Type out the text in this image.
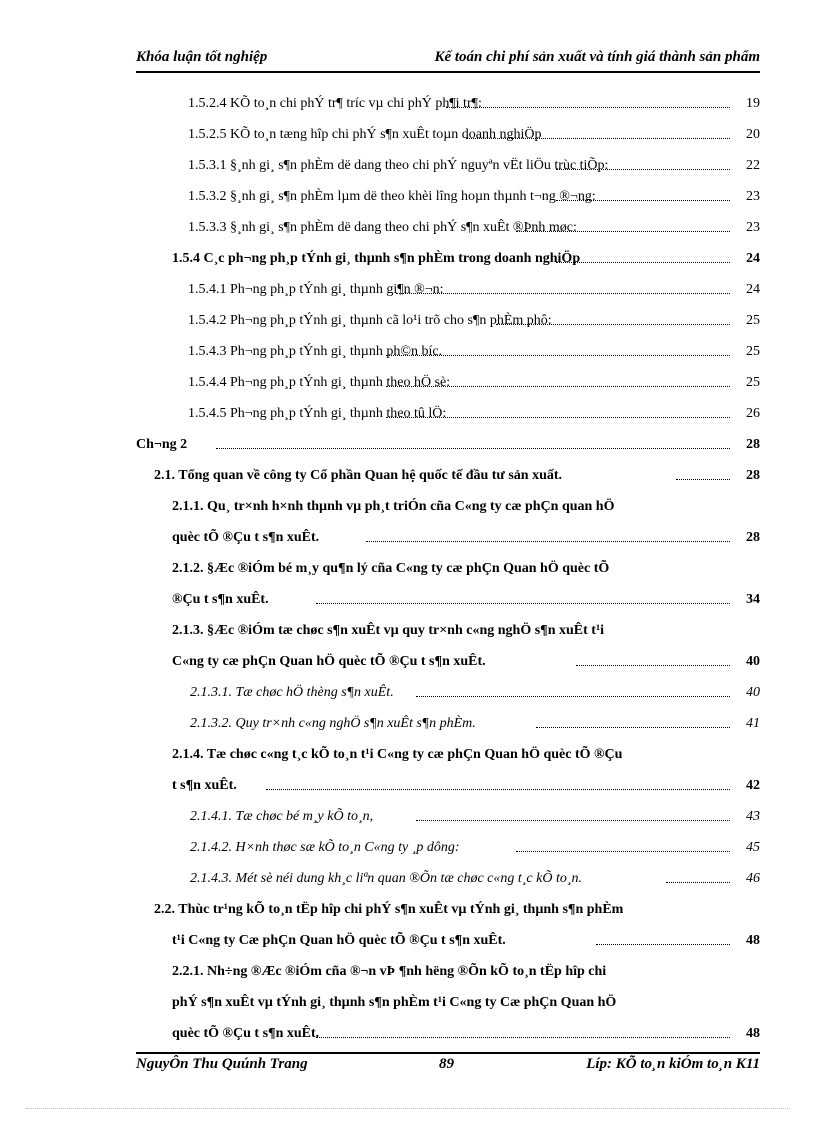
Khóa luận tốt nghiệp	Kế toán chi phí sản xuất và tính giá thành sản phẩm
1.5.2.4 KÕ to¸n chi phÝ tr¶ tríc vµ chi phÝ ph¶i tr¶:	19
1.5.2.5 KÕ to¸n tæng hîp chi phÝ s¶n xuÊt toµn doanh nghiÖp	20
1.5.3.1 §¸nh gi¸ s¶n phÈm dë dang theo chi phÝ nguyªn vËt liÖu trùc tiÕp:	22
1.5.3.2 §¸nh gi¸ s¶n phÈm lµm dë theo khèi lîng hoµn thµnh t¬ng ®¬ng:	23
1.5.3.3 §¸nh gi¸ s¶n phÈm dë dang theo chi phÝ s¶n xuÊt ®Þnh møc:	23
1.5.4 C¸c ph¬ng ph¸p tÝnh gi¸ thµnh s¶n phÈm trong doanh nghiÖp	24
1.5.4.1 Ph¬ng ph¸p tÝnh gi¸ thµnh gi¶n ®¬n:	24
1.5.4.2 Ph¬ng ph¸p tÝnh gi¸ thµnh cã lo¹i trõ cho s¶n phÈm phô:	25
1.5.4.3 Ph¬ng ph¸p tÝnh gi¸ thµnh ph©n bíc.	25
1.5.4.4 Ph¬ng ph¸p tÝnh gi¸ thµnh theo hÖ sè:	25
1.5.4.5 Ph¬ng ph¸p tÝnh gi¸ thµnh theo tû lÖ:	26
Ch¬ng 2	28
2.1. Tổng quan về công ty Cổ phần Quan hệ quốc tế đầu tư sản xuất.	28
2.1.1. Qu¸ tr×nh h×nh thµnh vµ ph¸t triÓn cña C«ng ty cæ phÇn quan hÖ
quèc tÕ ®Çu t s¶n xuÊt.	28
2.1.2. §Æc ®iÓm bé m¸y qu¶n lý cña C«ng ty cæ phÇn Quan hÖ quèc tÕ
®Çu t s¶n xuÊt.	34
2.1.3. §Æc ®iÓm tæ chøc s¶n xuÊt vµ quy tr×nh c«ng nghÖ s¶n xuÊt t¹i
C«ng ty cæ phÇn Quan hÖ quèc tÕ ®Çu t s¶n xuÊt.	40
2.1.3.1. Tæ chøc hÖ thèng s¶n xuÊt.	40
2.1.3.2. Quy tr×nh c«ng nghÖ s¶n xuÊt s¶n phÈm.	41
2.1.4. Tæ chøc c«ng t¸c kÕ to¸n t¹i C«ng ty cæ phÇn Quan hÖ quèc tÕ ®Çu
t s¶n xuÊt.	42
2.1.4.1. Tæ chøc bé m¸y kÕ to¸n,	43
2.1.4.2. H×nh thøc sæ kÕ to¸n C«ng ty ¸p dông:	45
2.1.4.3. Mét sè néi dung kh¸c liªn quan ®Õn tæ chøc c«ng t¸c kÕ to¸n.	46
2.2. Thùc tr¹ng kÕ to¸n tËp hîp chi phÝ s¶n xuÊt vµ tÝnh gi¸ thµnh s¶n phÈm
t¹i C«ng ty Cæ phÇn Quan hÖ quèc tÕ ®Çu t s¶n xuÊt.	48
2.2.1. Nh÷ng ®Æc ®iÓm cña ®¬n vÞ ¶nh hëng ®Õn kÕ to¸n tËp hîp chi
phÝ s¶n xuÊt vµ tÝnh gi¸ thµnh s¶n phÈm t¹i C«ng ty Cæ phÇn Quan hÖ
quèc tÕ ®Çu t s¶n xuÊt.	48
NguyÔn Thu Quúnh Trang	89	Líp: KÕ to¸n kiÓm to¸n K11
